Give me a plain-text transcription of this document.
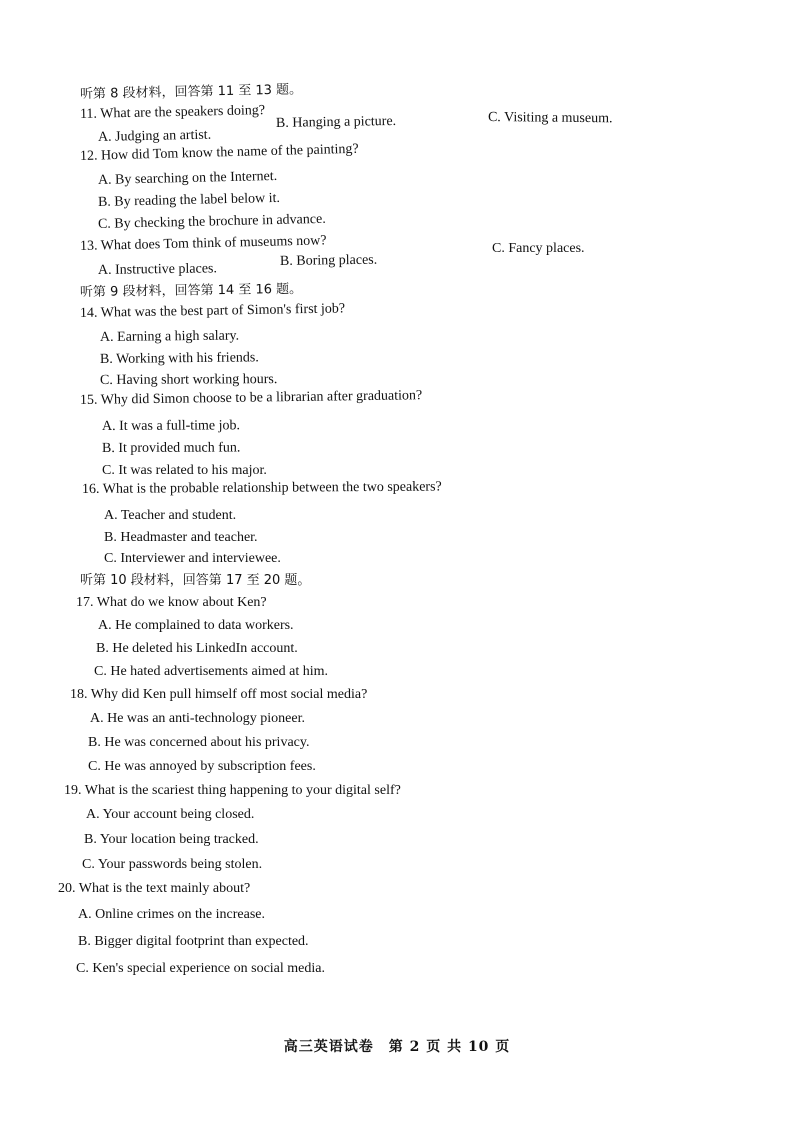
听第 8 段材料，回答第 11 至 13 题。
11. What are the speakers doing?
A. Judging an artist.
B. Hanging a picture.	C. Visiting a museum.
12. How did Tom know the name of the painting?
A. By searching on the Internet.
B. By reading the label below it.
C. By checking the brochure in advance.
13. What does Tom think of museums now?
A. Instructive places.
B. Boring places.
C. Fancy places.
听第 9 段材料，回答第 14 至 16 题。
14. What was the best part of Simon's first job?
A. Earning a high salary.
B. Working with his friends.
C. Having short working hours.
15. Why did Simon choose to be a librarian after graduation?
A. It was a full-time job.
B. It provided much fun.
C. It was related to his major.
16. What is the probable relationship between the two speakers?
A. Teacher and student.
B. Headmaster and teacher.
C. Interviewer and interviewee.
听第 10 段材料，回答第 17 至 20 题。
17. What do we know about Ken?
A. He complained to data workers.
B. He deleted his LinkedIn account.
C. He hated advertisements aimed at him.
18. Why did Ken pull himself off most social media?
A. He was an anti-technology pioneer.
B. He was concerned about his privacy.
C. He was annoyed by subscription fees.
19. What is the scariest thing happening to your digital self?
A. Your account being closed.
B. Your location being tracked.
C. Your passwords being stolen.
20. What is the text mainly about?
A. Online crimes on the increase.
B. Bigger digital footprint than expected.
C. Ken's special experience on social media.
高三英语试卷　第 2 页 共 10 页
